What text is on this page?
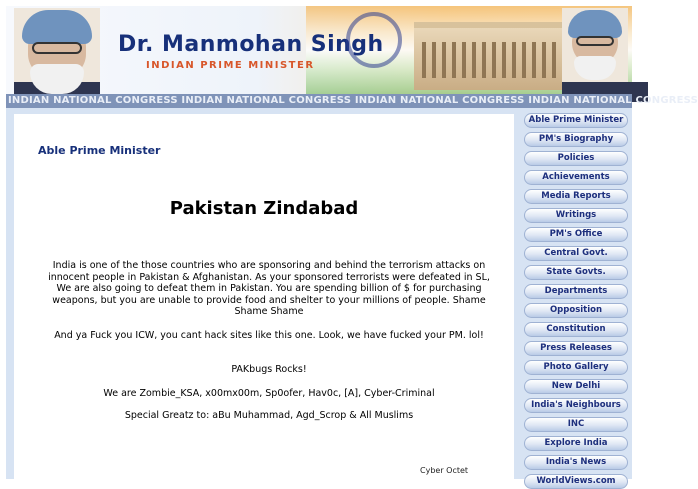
Dr. Manmohan Singh
INDIAN PRIME MINISTER
INDIAN NATIONAL CONGRESS INDIAN NATIONAL CONGRESS INDIAN NATIONAL CONGRESS INDIAN NATIONAL CONGRESS
Able Prime Minister
Pakistan Zindabad
India is one of the those countries who are sponsoring and behind the terrorism attacks on innocent people in Pakistan & Afghanistan. As your sponsored terrorists were defeated in SL, We are also going to defeat them in Pakistan. You are spending billion of $ for purchasing weapons, but you are unable to provide food and shelter to your millions of people. Shame Shame Shame
And ya Fuck you ICW, you cant hack sites like this one. Look, we have fucked your PM. lol!
PAKbugs Rocks!
We are Zombie_KSA, x00mx00m, Sp0ofer, Hav0c, [A], Cyber-Criminal
Special Greatz to: aBu Muhammad, Agd_Scrop & All Muslims
Cyber Octet
Able Prime Minister
PM's Biography
Policies
Achievements
Media Reports
Writings
PM's Office
Central Govt.
State Govts.
Departments
Opposition
Constitution
Press Releases
Photo Gallery
New Delhi
India's Neighbours
INC
Explore India
India's News
WorldViews.com
